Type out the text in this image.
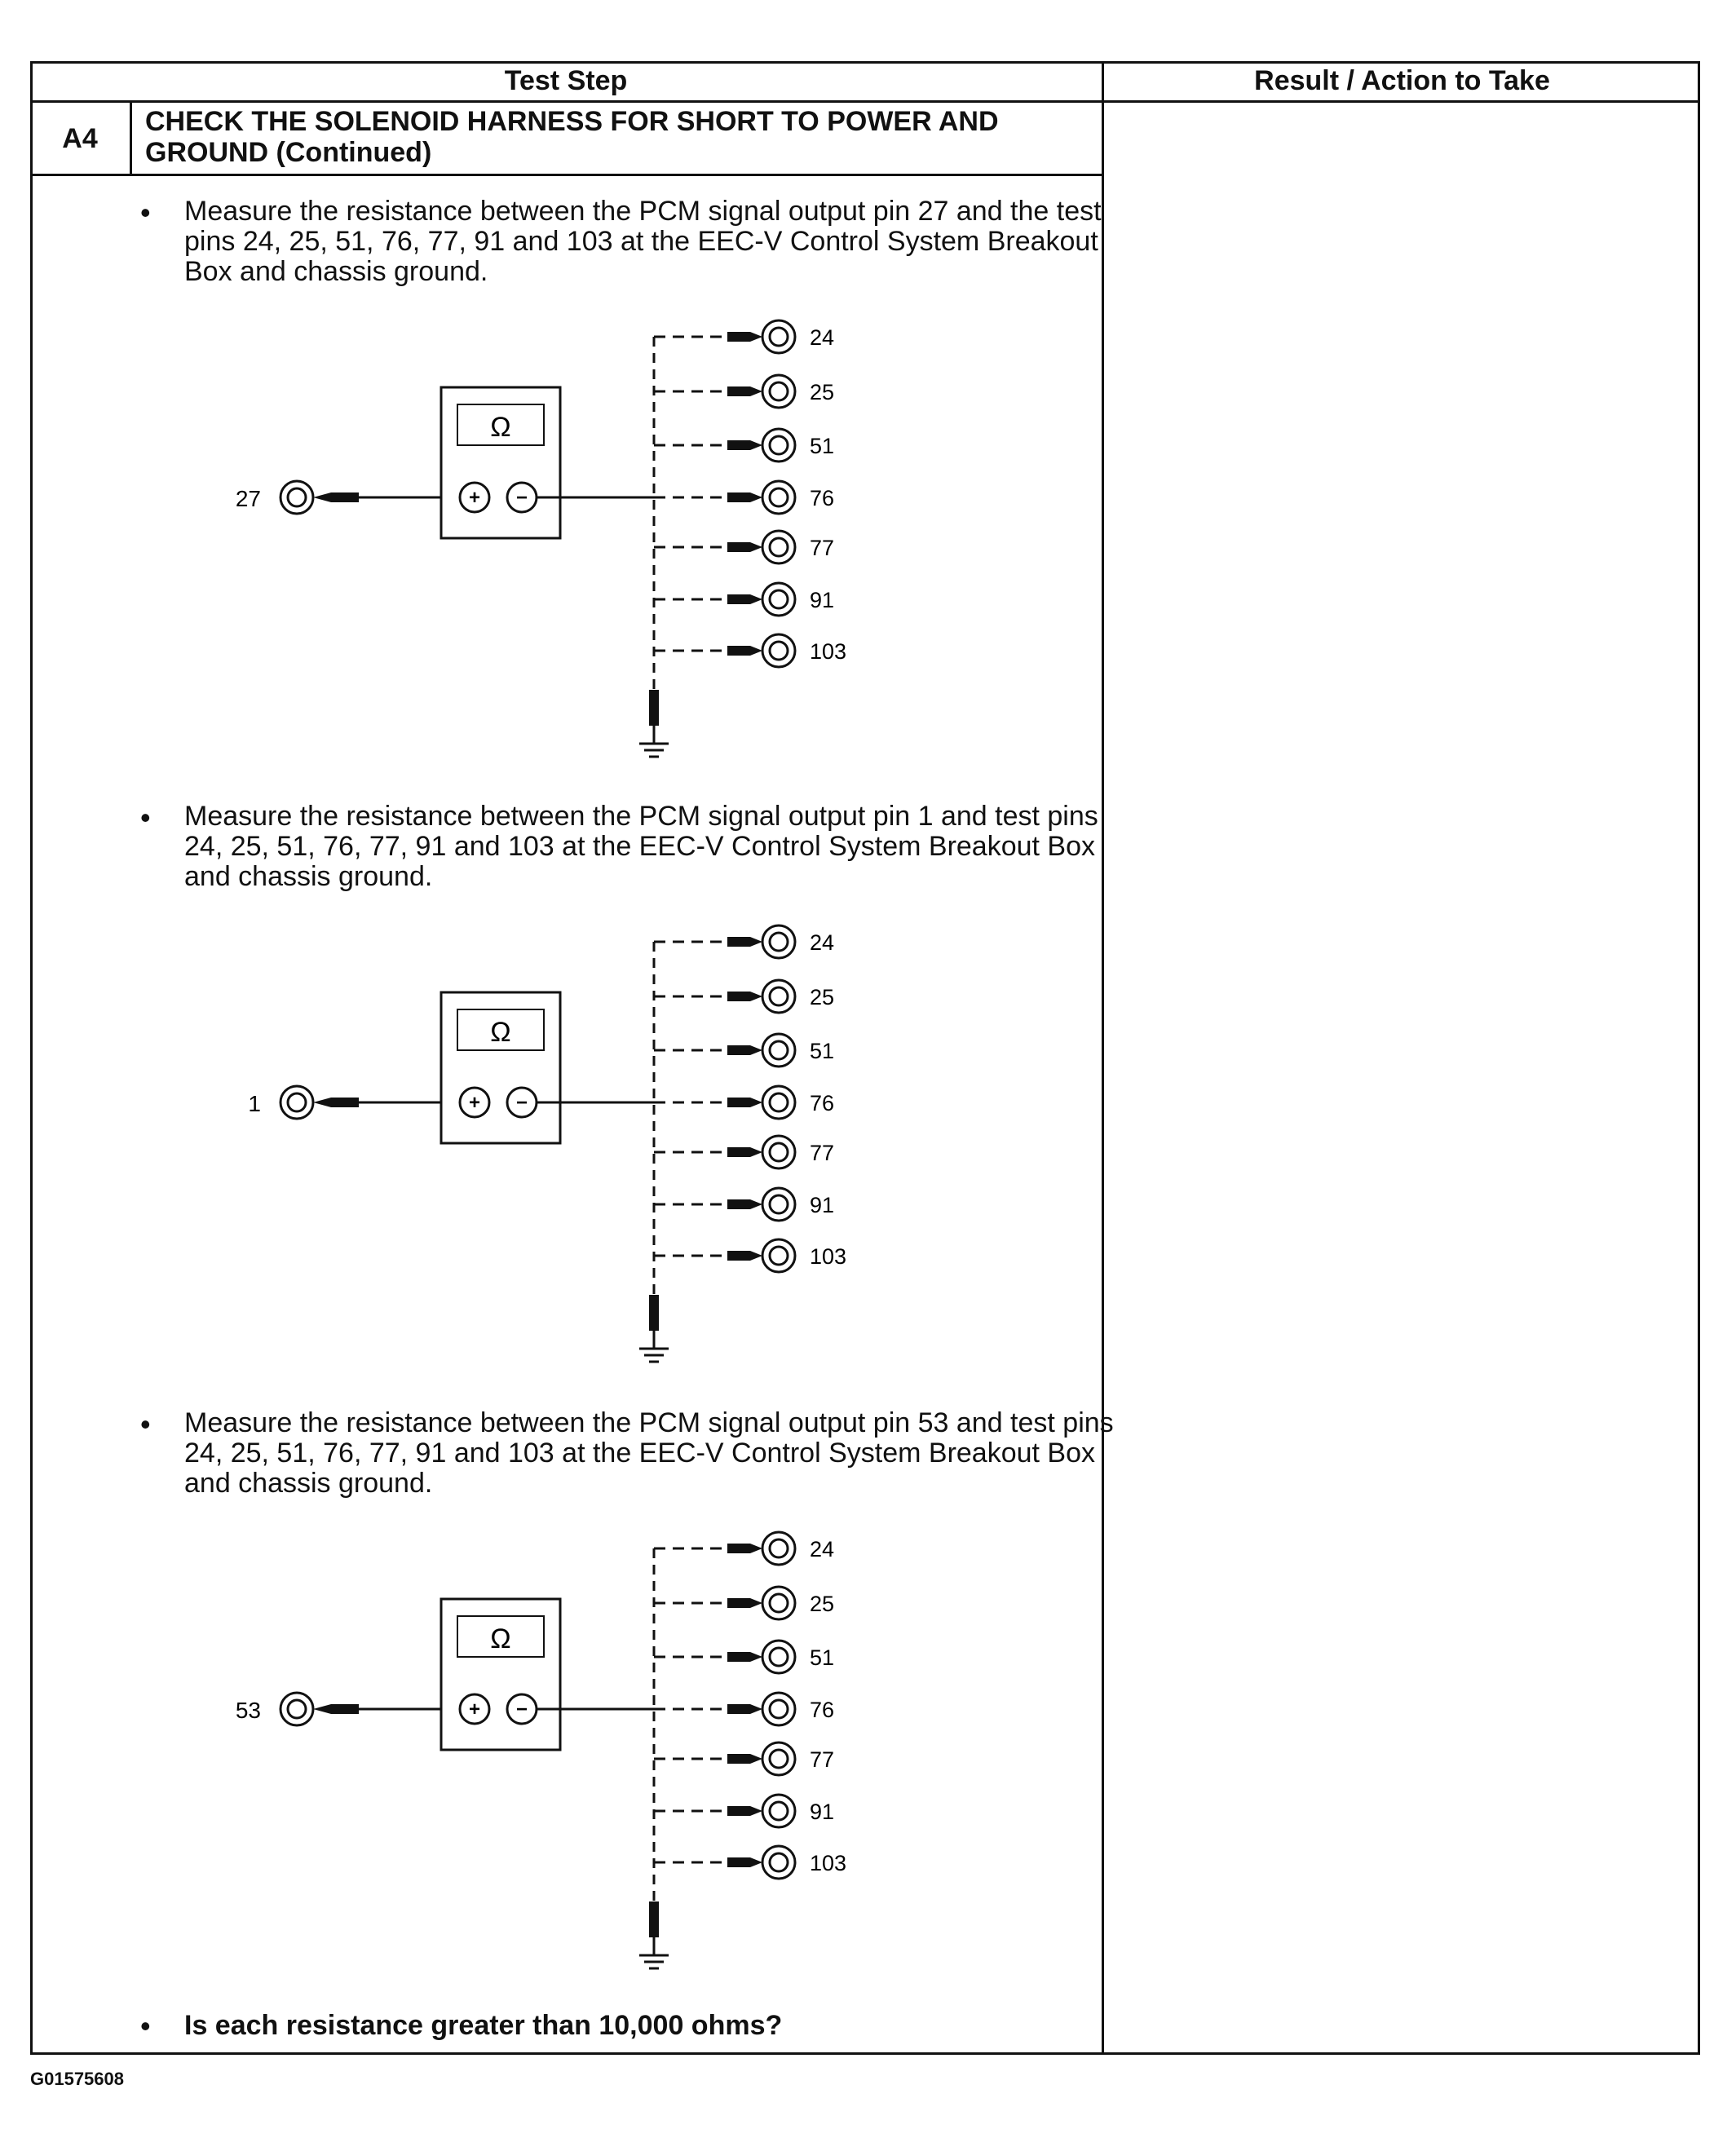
Test Step	Result / Action to Take
A4
CHECK THE SOLENOID HARNESS FOR SHORT TO POWER AND GROUND (Continued)
• Measure the resistance between the PCM signal output pin 27 and the test pins 24, 25, 51, 76, 77, 91 and 103 at the EEC-V Control System Breakout Box and chassis ground.
27
Ω
+ −
24
25
51
76
77
91
103
• Measure the resistance between the PCM signal output pin 1 and test pins 24, 25, 51, 76, 77, 91 and 103 at the EEC-V Control System Breakout Box and chassis ground.
1
Ω
+ −
24
25
51
76
77
91
103
• Measure the resistance between the PCM signal output pin 53 and test pins 24, 25, 51, 76, 77, 91 and 103 at the EEC-V Control System Breakout Box and chassis ground.
53
Ω
+ −
24
25
51
76
77
91
103
• Is each resistance greater than 10,000 ohms?
G01575608
